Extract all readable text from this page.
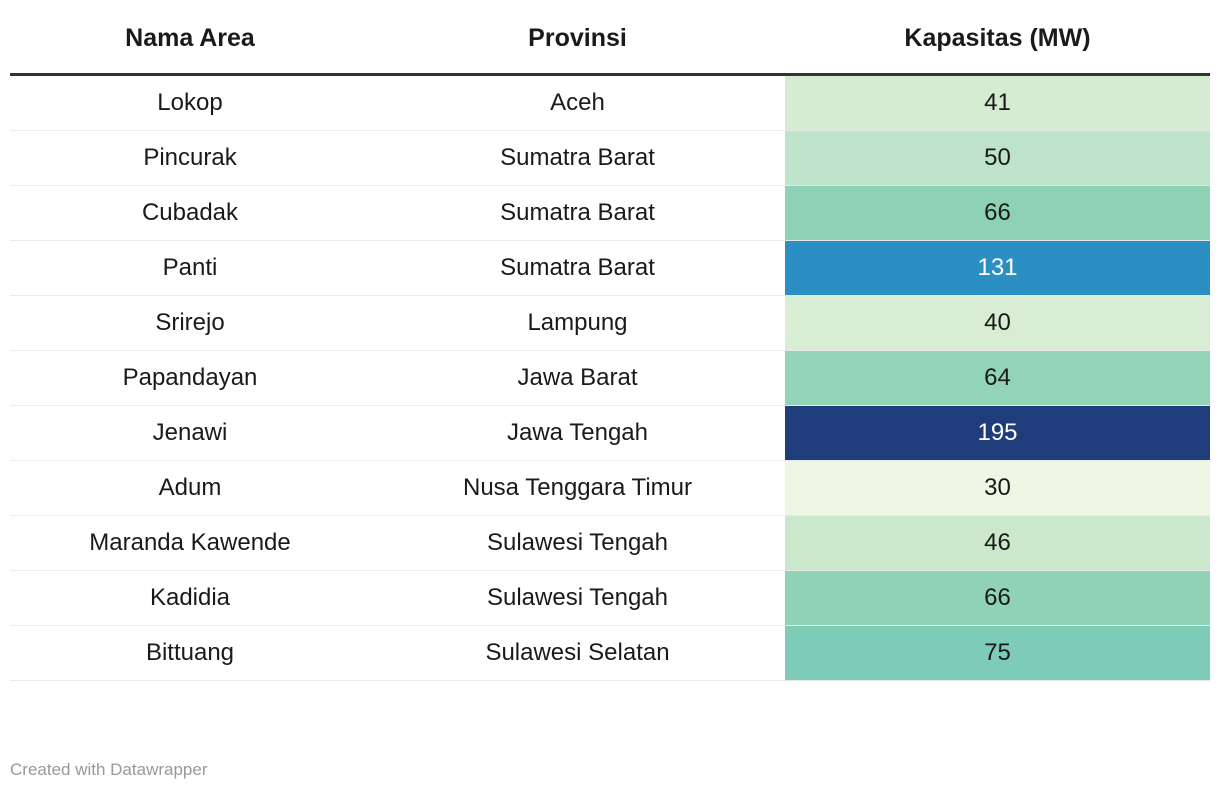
Nama Area	Provinsi	Kapasitas (MW)
Lokop	Aceh	41
Pincurak	Sumatra Barat	50
Cubadak	Sumatra Barat	66
Panti	Sumatra Barat	131
Srirejo	Lampung	40
Papandayan	Jawa Barat	64
Jenawi	Jawa Tengah	195
Adum	Nusa Tenggara Timur	30
Maranda Kawende	Sulawesi Tengah	46
Kadidia	Sulawesi Tengah	66
Bittuang	Sulawesi Selatan	75
Created with Datawrapper
